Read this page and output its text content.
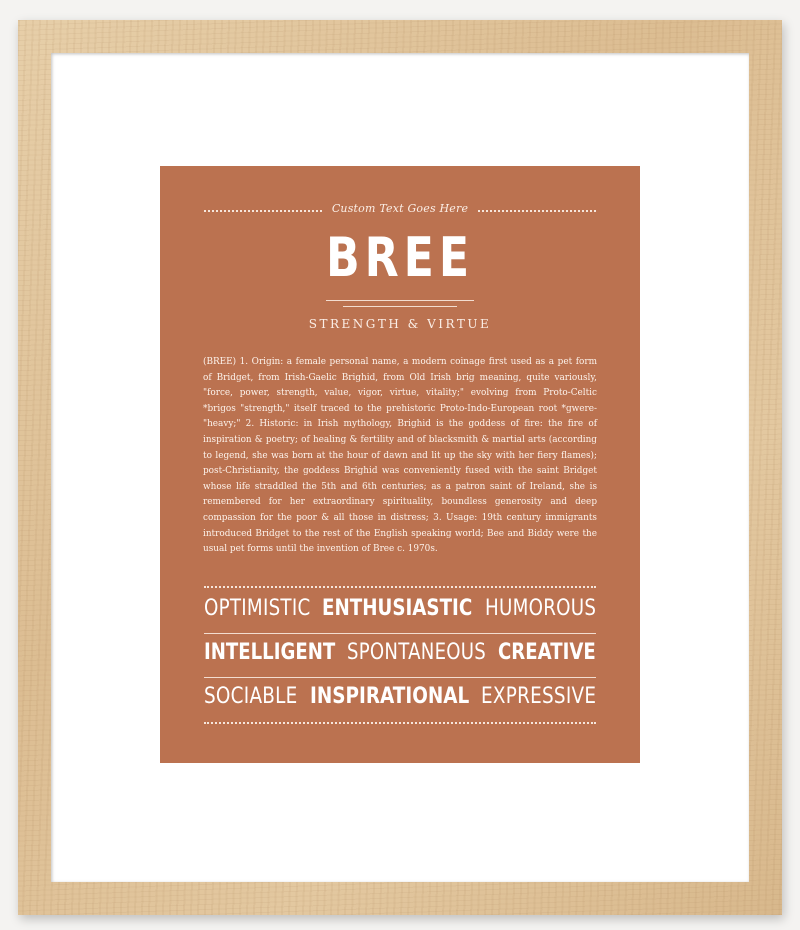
Custom Text Goes Here
BREE
STRENGTH & VIRTUE
(BREE) 1. Origin: a female personal name, a modern coinage first used as a pet form of Bridget, from Irish-Gaelic Brighid, from Old Irish brig meaning, quite variously, "force, power, strength, value, vigor, virtue, vitality;" evolving from Proto-Celtic *brigos "strength," itself traced to the prehistoric Proto-Indo-European root *gwere- "heavy;" 2. Historic: in Irish mythology, Brighid is the goddess of fire: the fire of inspiration & poetry; of healing & fertility and of blacksmith & martial arts (according to legend, she was born at the hour of dawn and lit up the sky with her fiery flames); post-Christianity, the goddess Brighid was conveniently fused with the saint Bridget whose life straddled the 5th and 6th centuries; as a patron saint of Ireland, she is remembered for her extraordinary spirituality, boundless generosity and deep compassion for the poor & all those in distress; 3. Usage: 19th century immigrants introduced Bridget to the rest of the English speaking world; Bee and Biddy were the usual pet forms until the invention of Bree c. 1970s.
OPTIMISTIC ENTHUSIASTIC HUMOROUS
INTELLIGENT SPONTANEOUS CREATIVE
SOCIABLE INSPIRATIONAL EXPRESSIVE
